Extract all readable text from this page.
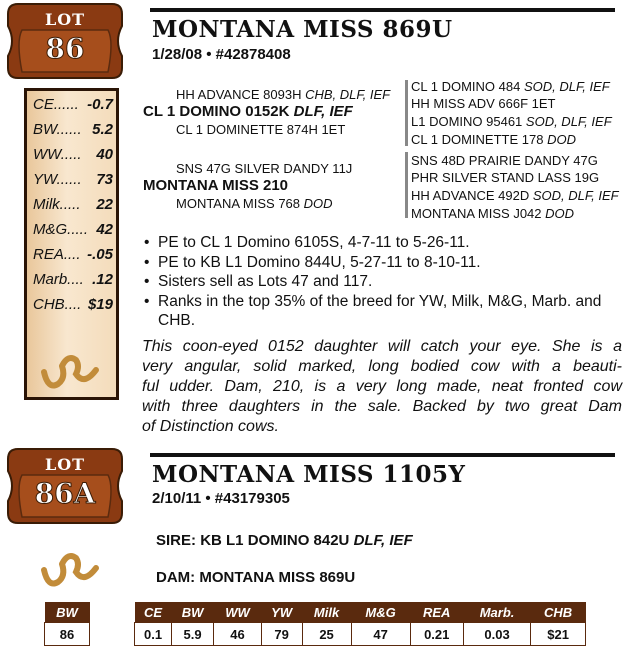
LOT
86
CE...... -0.7
BW...... 5.2
WW..... 40
YW...... 73
Milk.....	22
M&G..... 42
REA.... -.05
Marb.... .12
CHB.... $19
MONTANA MISS 869U
1/28/08 • #42878408
HH ADVANCE 8093H CHB, DLF, IEF
CL 1 DOMINO 0152K DLF, IEF
CL 1 DOMINETTE 874H 1ET
SNS 47G SILVER DANDY 11J
MONTANA MISS 210
MONTANA MISS 768 DOD
CL 1 DOMINO 484 SOD, DLF, IEF
HH MISS ADV 666F 1ET
L1 DOMINO 95461 SOD, DLF, IEF
CL 1 DOMINETTE 178 DOD
SNS 48D PRAIRIE DANDY 47G
PHR SILVER STAND LASS 19G
HH ADVANCE 492D SOD, DLF, IEF
MONTANA MISS J042 DOD
• PE to CL 1 Domino 6105S, 4-7-11 to 5-26-11.
• PE to KB L1 Domino 844U, 5-27-11 to 8-10-11.
• Sisters sell as Lots 47 and 117.
• Ranks in the top 35% of the breed for YW, Milk, M&G, Marb. and CHB.
This coon-eyed 0152 daughter will catch your eye. She is a
very angular, solid marked, long bodied cow with a beauti-
ful udder. Dam, 210, is a very long made, neat fronted cow
with three daughters in the sale. Backed by two great Dam
of Distinction cows.
LOT
86A
MONTANA MISS 1105Y
2/10/11 • #43179305
SIRE: KB L1 DOMINO 842U DLF, IEF
DAM: MONTANA MISS 869U
BW
86
CE	BW	WW	YW	Milk	M&G	REA	Marb.	CHB
0.1	5.9	46	79	25	47	0.21	0.03	$21
